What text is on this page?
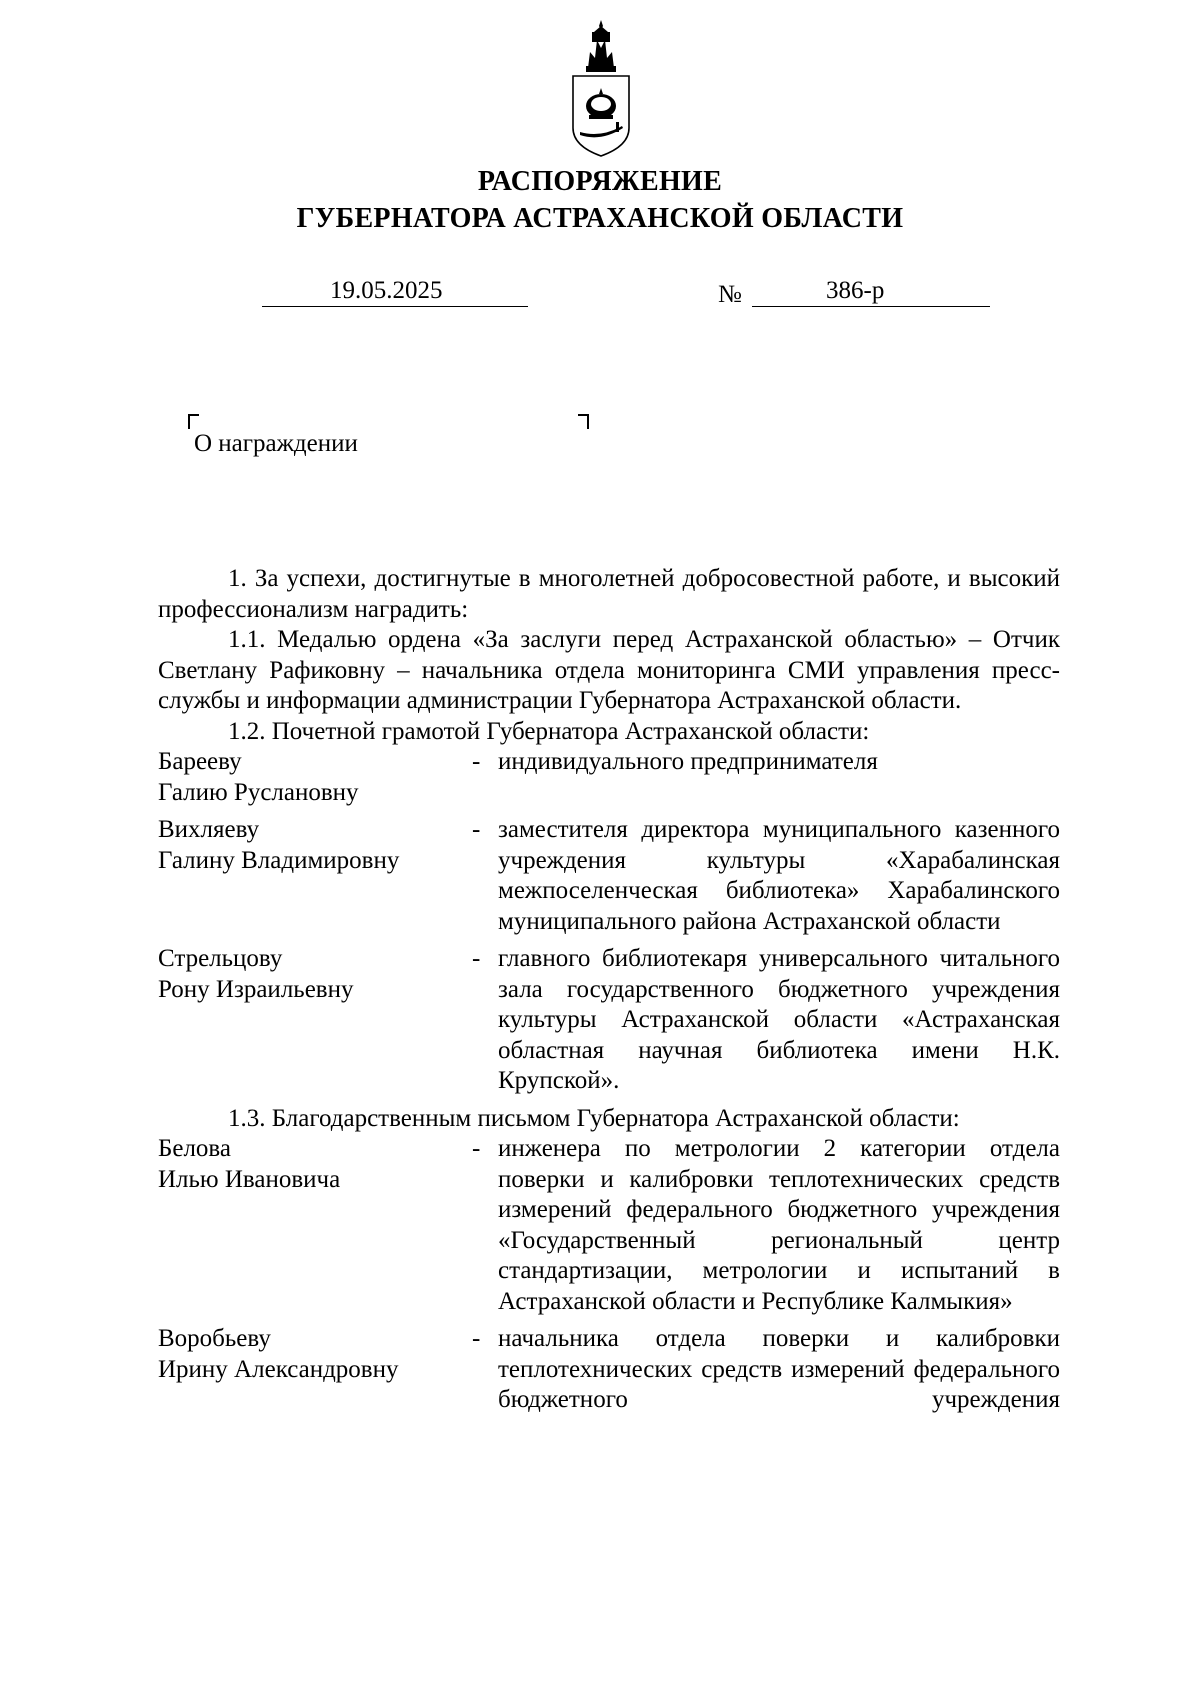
РАСПОРЯЖЕНИЕ
ГУБЕРНАТОРА АСТРАХАНСКОЙ ОБЛАСТИ
19.05.2025	№	386-р
О награждении

1. За успехи, достигнутые в многолетней добросовестной работе, и высокий профессионализм наградить:

1.1. Медалью ордена «За заслуги перед Астраханской областью» – Отчик Светлану Рафиковну – начальника отдела мониторинга СМИ управления пресс-службы и информации администрации Губернатора Астраханской области.

1.2. Почетной грамотой Губернатора Астраханской области:

Барееву
Галию Руслановну
- индивидуального предпринимателя
Вихляеву
Галину Владимировну
- заместителя директора муниципального казенного учреждения культуры «Харабалинская межпоселенческая библиотека» Харабалинского муниципального района Астраханской области
Стрельцову
Рону Израильевну
- главного библиотекаря универсального читального зала государственного бюджетного учреждения культуры Астраханской области «Астраханская областная научная библиотека имени Н.К. Крупской».

1.3. Благодарственным письмом Губернатора Астраханской области:

Белова
Илью Ивановича
- инженера по метрологии 2 категории отдела поверки и калибровки теплотехнических средств измерений федерального бюджетного учреждения «Государственный региональный центр стандартизации, метрологии и испытаний в Астраханской области и Республике Калмыкия»
Воробьеву
Ирину Александровну
- начальника отдела поверки и калибровки теплотехнических средств измерений федерального бюджетного учреждения
